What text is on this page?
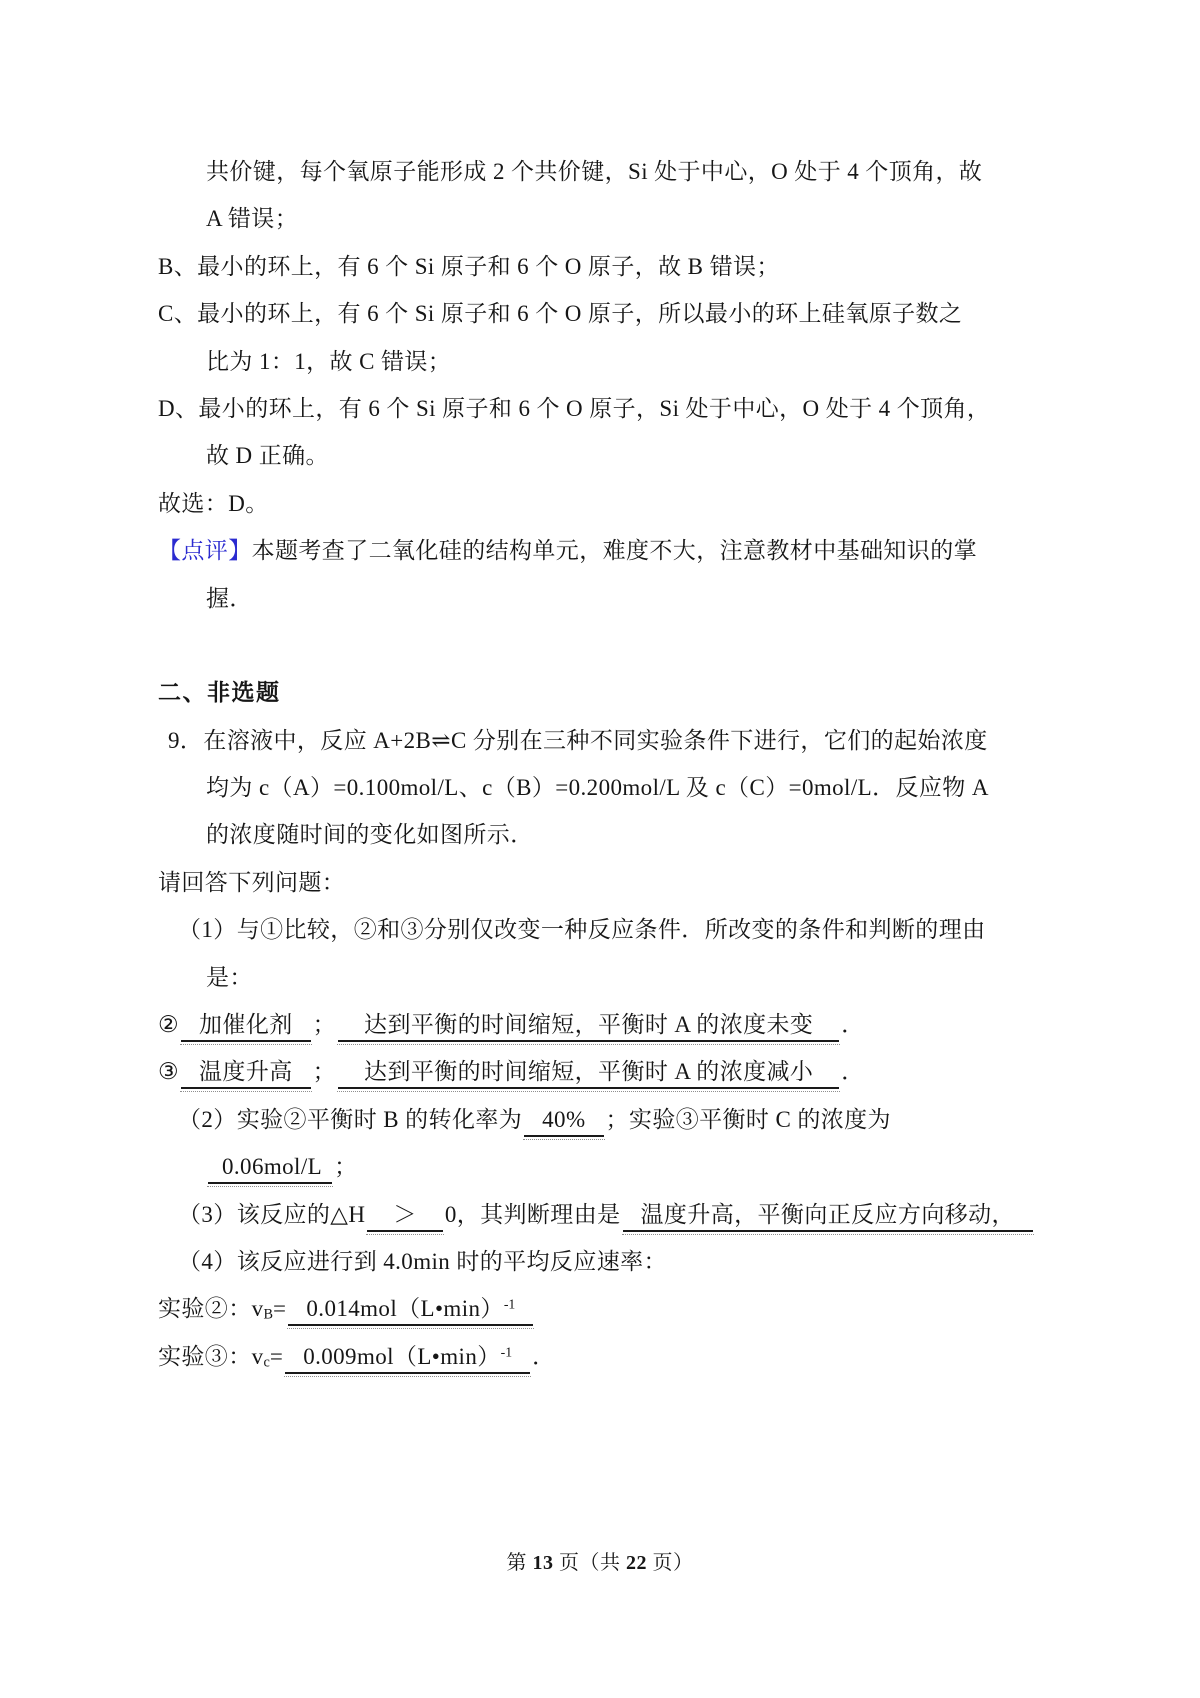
共价键，每个氧原子能形成 2 个共价键，Si 处于中心，O 处于 4 个顶角，故

A 错误；

B、最小的环上，有 6 个 Si 原子和 6 个 O 原子，故 B 错误；

C、最小的环上，有 6 个 Si 原子和 6 个 O 原子，所以最小的环上硅氧原子数之

比为 1：1，故 C 错误；

D、最小的环上，有 6 个 Si 原子和 6 个 O 原子，Si 处于中心，O 处于 4 个顶角，

故 D 正确。

故选：D。

【点评】本题考查了二氧化硅的结构单元，难度不大，注意教材中基础知识的掌

握．

二、非选题

9．在溶液中，反应 A+2B⇌C 分别在三种不同实验条件下进行，它们的起始浓度

均为 c（A）=0.100mol/L、c（B）=0.200mol/L 及 c（C）=0mol/L．反应物 A

的浓度随时间的变化如图所示．

请回答下列问题：

（1）与①比较，②和③分别仅改变一种反应条件．所改变的条件和判断的理由

是：

② 加催化剂 ； 达到平衡的时间缩短，平衡时 A 的浓度未变 ．

③ 温度升高 ； 达到平衡的时间缩短，平衡时 A 的浓度减小 ．

（2）实验②平衡时 B 的转化率为 40% ；实验③平衡时 C 的浓度为

0.06mol/L ；

（3）该反应的△H ＞ 0，其判断理由是 温度升高，平衡向正反应方向移动，

（4）该反应进行到 4.0min 时的平均反应速率：

实验②：$v_B=$ 0.014mol（L•min）$^{-1}$

实验③：$v_c=$ 0.009mol（L•min）$^{-1}$ ．

第 13 页（共 22 页）
